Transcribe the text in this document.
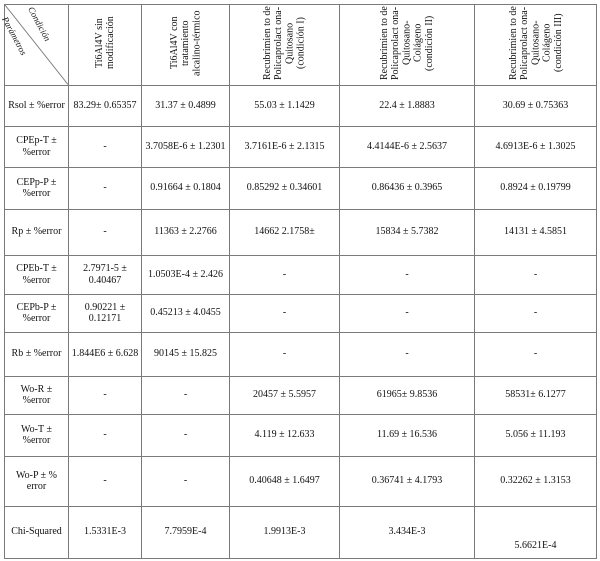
Condición
Parámetros	Ti6Al4V sin modificación	Ti6Al4V con tratamiento alcalino-térmico	Recubrimien to de Policaprolact ona-Quitosano (condición I)	Recubrimien to de Policaprolact ona-Quitosano-Colágeno (condición II)	Recubrimien to de Policaprolact ona-Quitosano-Colágeno (condición III)
Rsol ± %error	83.29± 0.65357	31.37 ± 0.4899	55.03 ± 1.1429	22.4 ± 1.8883	30.69 ± 0.75363
CPEp-T ± %error	-	3.7058E-6 ± 1.2301	3.7161E-6 ± 2.1315	4.4144E-6 ± 2.5637	4.6913E-6 ± 1.3025
CEPp-P ± %error	-	0.91664 ± 0.1804	0.85292 ± 0.34601	0.86436 ± 0.3965	0.8924 ± 0.19799
Rp ± %error	-	11363 ± 2.2766	14662 2.1758±	15834 ± 5.7382	14131 ± 4.5851
CPEb-T ± %error	2.7971-5 ± 0.40467	1.0503E-4 ± 2.426	-	-	-
CEPb-P ± %error	0.90221 ± 0.12171	0.45213 ± 4.0455	-	-	-
Rb ± %error	1.844E6 ± 6.628	90145 ± 15.825	-	-	-
Wo-R ± %error	-	-	20457 ± 5.5957	61965± 9.8536	58531± 6.1277
Wo-T ± %error	-	-	4.119 ± 12.633	11.69 ± 16.536	5.056 ± 11.193
Wo-P ± % error	-	-	0.40648 ± 1.6497	0.36741 ± 4.1793	0.32262 ± 1.3153
Chi-Squared	1.5331E-3	7.7959E-4	1.9913E-3	3.434E-3	5.6621E-4
